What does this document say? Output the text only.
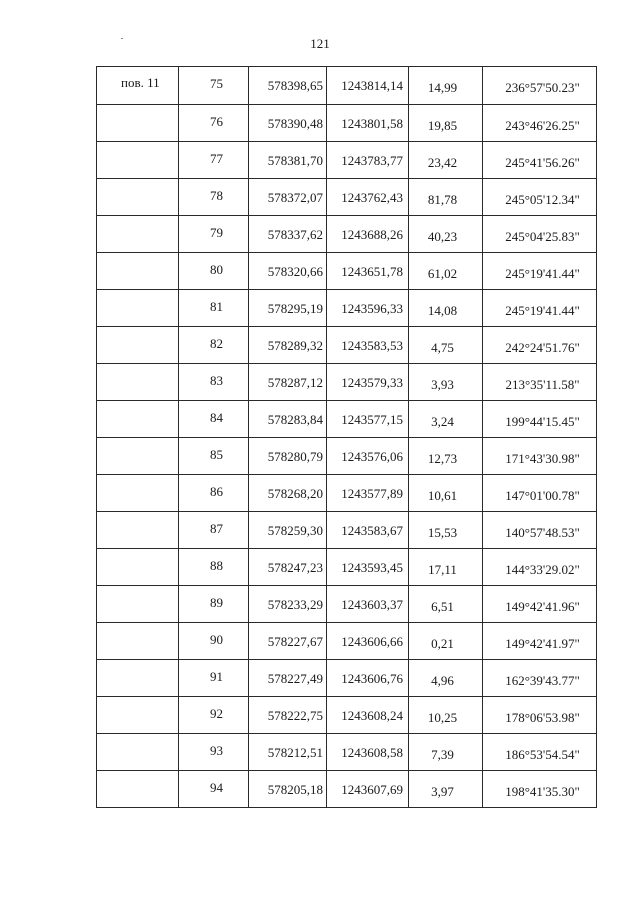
121
пов. 11	75	578398,65	1243814,14	14,99	236°57'50.23"

	76	578390,48	1243801,58	19,85	243°46'26.25"

	77	578381,70	1243783,77	23,42	245°41'56.26"

	78	578372,07	1243762,43	81,78	245°05'12.34"

	79	578337,62	1243688,26	40,23	245°04'25.83"

	80	578320,66	1243651,78	61,02	245°19'41.44"

	81	578295,19	1243596,33	14,08	245°19'41.44"

	82	578289,32	1243583,53	4,75	242°24'51.76"

	83	578287,12	1243579,33	3,93	213°35'11.58"

	84	578283,84	1243577,15	3,24	199°44'15.45"

	85	578280,79	1243576,06	12,73	171°43'30.98"

	86	578268,20	1243577,89	10,61	147°01'00.78"

	87	578259,30	1243583,67	15,53	140°57'48.53"

	88	578247,23	1243593,45	17,11	144°33'29.02"

	89	578233,29	1243603,37	6,51	149°42'41.96"

	90	578227,67	1243606,66	0,21	149°42'41.97"

	91	578227,49	1243606,76	4,96	162°39'43.77"

	92	578222,75	1243608,24	10,25	178°06'53.98"

	93	578212,51	1243608,58	7,39	186°53'54.54"

	94	578205,18	1243607,69	3,97	198°41'35.30"
